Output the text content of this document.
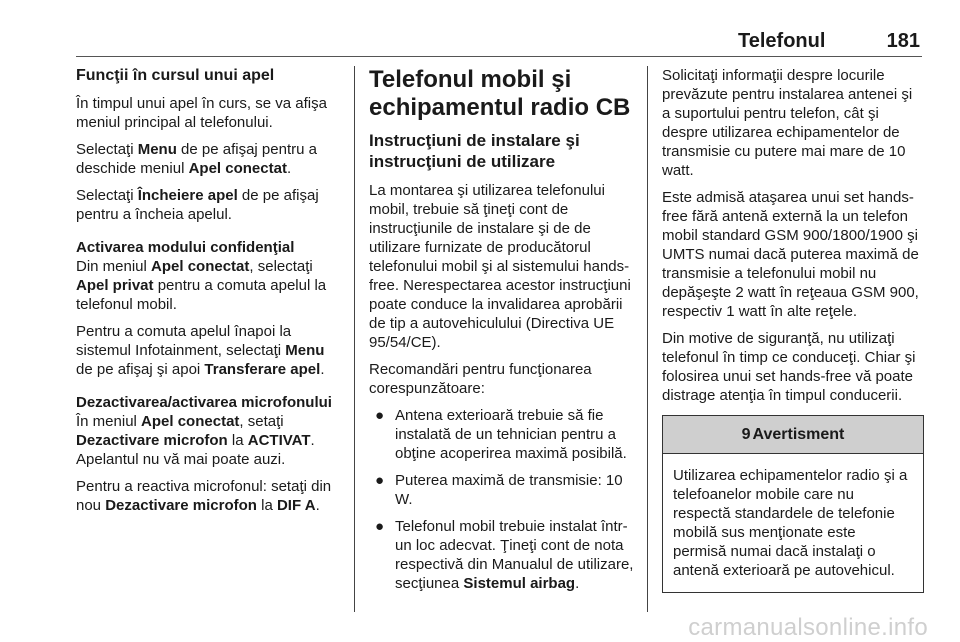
Telefonul	181
Funcţii în cursul unui apel

În timpul unui apel în curs, se va afişa meniul principal al telefonului.

Selectaţi Menu de pe afişaj pentru a deschide meniul Apel conectat.

Selectaţi Încheiere apel de pe afişaj pentru a încheia apelul.

Activarea modului confidenţial

Din meniul Apel conectat, selectaţi Apel privat pentru a comuta apelul la telefonul mobil.

Pentru a comuta apelul înapoi la sistemul Infotainment, selectaţi Menu de pe afişaj şi apoi Transferare apel.

Dezactivarea/activarea microfonului

În meniul Apel conectat, setaţi Dezactivare microfon la ACTIVAT. Apelantul nu vă mai poate auzi.

Pentru a reactiva microfonul: setaţi din nou Dezactivare microfon la DIF A.

Telefonul mobil şi echipamentul radio CB
Instrucţiuni de instalare şi instrucţiuni de utilizare

La montarea şi utilizarea telefonului mobil, trebuie să ţineţi cont de instrucţiunile de instalare şi de de utilizare furnizate de producătorul telefonului mobil şi al sistemului hands-free. Nerespectarea acestor instrucţiuni poate conduce la invalidarea aprobării de tip a autovehiculului (Directiva UE 95/54/CE).

Recomandări pentru funcţionarea corespunzătoare:

● Antena exterioară trebuie să fie instalată de un tehnician pentru a obţine acoperirea maximă posibilă.
● Puterea maximă de transmisie: 10 W.
● Telefonul mobil trebuie instalat într-un loc adecvat. Ţineţi cont de nota respectivă din Manualul de utilizare, secţiunea Sistemul airbag.

Solicitaţi informaţii despre locurile prevăzute pentru instalarea antenei şi a suportului pentru telefon, cât şi despre utilizarea echipamentelor de transmisie cu putere mai mare de 10 watt.

Este admisă ataşarea unui set hands-free fără antenă externă la un telefon mobil standard GSM 900/1800/1900 şi UMTS numai dacă puterea maximă de transmisie a telefonului mobil nu depăşeşte 2 watt în reţeaua GSM 900, respectiv 1 watt în alte reţele.

Din motive de siguranţă, nu utilizaţi telefonul în timp ce conduceţi. Chiar şi folosirea unui set hands-free vă poate distrage atenţia în timpul conducerii.

9 Avertisment
Utilizarea echipamentelor radio şi a telefoanelor mobile care nu respectă standardele de telefonie mobilă sus menţionate este permisă numai dacă instalaţi o antenă exterioară pe autovehicul.
carmanualsonline.info
